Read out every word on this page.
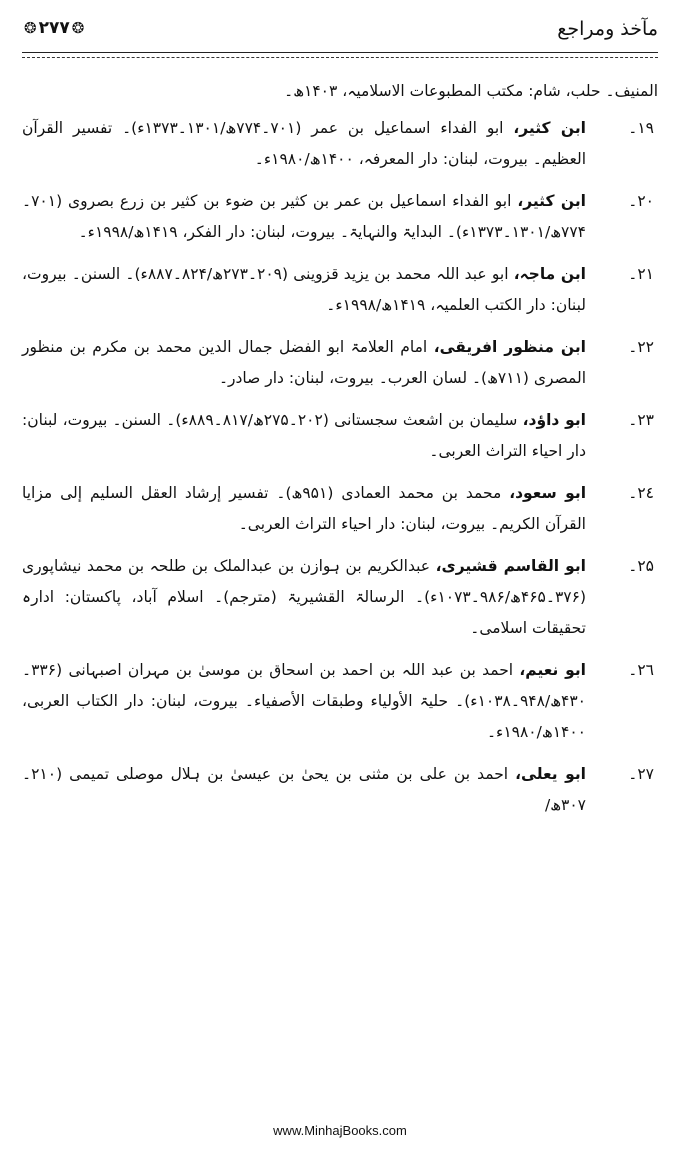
❂۲۷۷❂	مآخذ ومراجع

المنیف۔ حلب، شام: مکتب المطبوعات الاسلامیہ، ۱۴۰۳ھ۔

۱۹۔
ابن کثیر، ابو الفداء اسماعیل بن عمر (۷۰۱۔۷۷۴ھ/۱۳۰۱۔۱۳۷۳ء)۔ تفسیر القرآن العظیم۔ بیروت، لبنان: دار المعرفہ، ۱۴۰۰ھ/۱۹۸۰ء۔

۲۰۔
ابن کثیر، ابو الفداء اسماعیل بن عمر بن کثیر بن ضوء بن کثیر بن زرع بصروی (۷۰۱۔۷۷۴ھ/۱۳۰۱۔۱۳۷۳ء)۔ البدایۃ والنہایۃ۔ بیروت، لبنان: دار الفکر، ۱۴۱۹ھ/۱۹۹۸ء۔

۲۱۔
ابن ماجہ، ابو عبد اللہ محمد بن یزید قزوینی (۲۰۹۔۲۷۳ھ/۸۲۴۔۸۸۷ء)۔ السنن۔ بیروت، لبنان: دار الکتب العلمیہ، ۱۴۱۹ھ/۱۹۹۸ء۔

۲۲۔
ابن منظور افریقی، امام العلامۃ ابو الفضل جمال الدین محمد بن مکرم بن منظور المصری (۷۱۱ھ)۔ لسان العرب۔ بیروت، لبنان: دار صادر۔

۲۳۔
ابو داؤد، سلیمان بن اشعث سجستانی (۲۰۲۔۲۷۵ھ/۸۱۷۔۸۸۹ء)۔ السنن۔ بیروت، لبنان: دار احیاء التراث العربی۔

۲٤۔
ابو سعود، محمد بن محمد العمادی (۹۵۱ھ)۔ تفسیر إرشاد العقل السلیم إلی مزایا القرآن الکریم۔ بیروت، لبنان: دار احیاء التراث العربی۔

۲۵۔
ابو القاسم قشیری، عبدالکریم بن ہوازن بن عبدالملک بن طلحہ بن محمد نیشاپوری (۳۷۶۔۴۶۵ھ/۹۸۶۔۱۰۷۳ء)۔ الرسالۃ القشیریۃ (مترجم)۔ اسلام آباد، پاکستان: ادارہ تحقیقات اسلامی۔

۲٦۔
ابو نعیم، احمد بن عبد اللہ بن احمد بن اسحاق بن موسیٰ بن مہران اصبہانی (۳۳۶۔۴۳۰ھ/۹۴۸۔۱۰۳۸ء)۔ حلیۃ الأولیاء وطبقات الأصفیاء۔ بیروت، لبنان: دار الکتاب العربی، ۱۴۰۰ھ/۱۹۸۰ء۔

۲۷۔
ابو یعلی، احمد بن علی بن مثنی بن یحیٰ بن عیسیٰ بن ہلال موصلی تمیمی (۲۱۰۔۳۰۷ھ/

www.MinhajBooks.com
